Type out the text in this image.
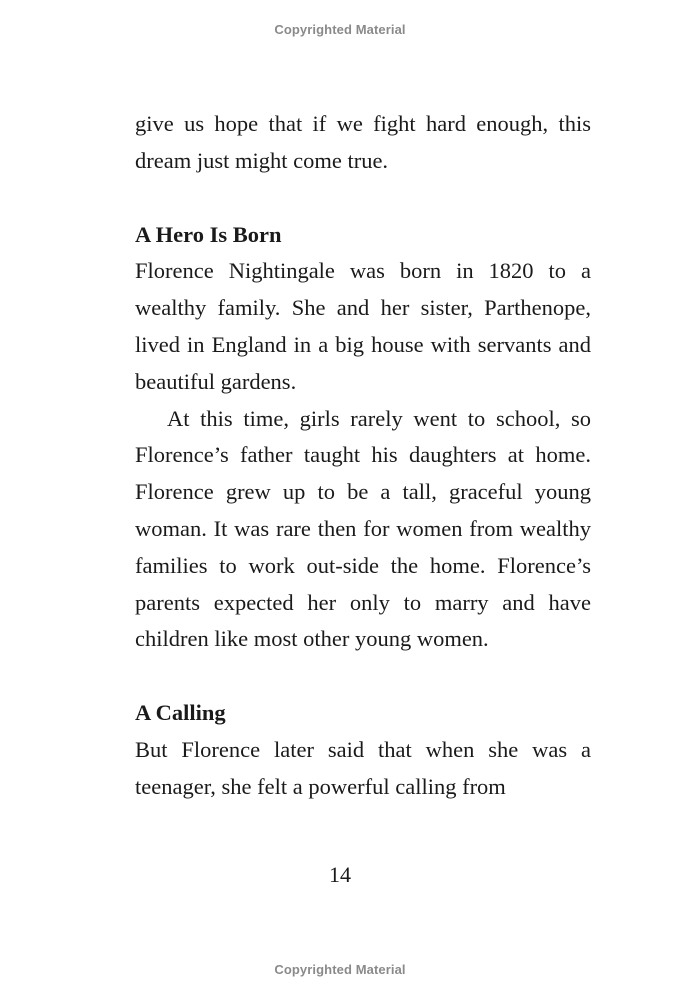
Copyrighted Material

give us hope that if we fight hard enough, this dream just might come true.

A Hero Is Born

Florence Nightingale was born in 1820 to a wealthy family. She and her sister, Parthenope, lived in England in a big house with servants and beautiful gardens.

At this time, girls rarely went to school, so Florence’s father taught his daughters at home. Florence grew up to be a tall, graceful young woman. It was rare then for women from wealthy families to work out-side the home. Florence’s parents expected her only to marry and have children like most other young women.

A Calling

But Florence later said that when she was a teenager, she felt a powerful calling from

14
Copyrighted Material
